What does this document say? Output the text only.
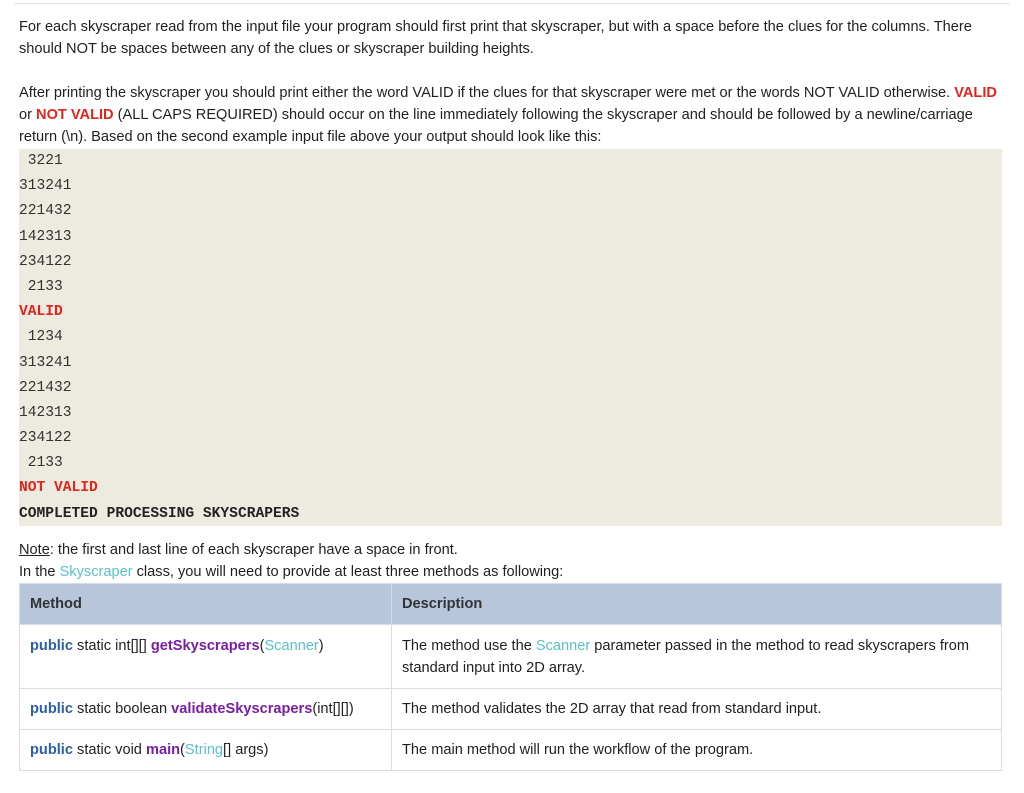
For each skyscraper read from the input file your program should first print that skyscraper, but with a space before the clues for the columns. There should NOT be spaces between any of the clues or skyscraper building heights.

After printing the skyscraper you should print either the word VALID if the clues for that skyscraper were met or the words NOT VALID otherwise. VALID or NOT VALID (ALL CAPS REQUIRED) should occur on the line immediately following the skyscraper and should be followed by a newline/carriage return (\n). Based on the second example input file above your output should look like this:

3221
313241
221432
142313
234122
2133
VALID
1234
313241
221432
142313
234122
2133
NOT VALID
COMPLETED PROCESSING SKYSCRAPERS
Note: the first and last line of each skyscraper have a space in front.
In the Skyscraper class, you will need to provide at least three methods as following:
Method	Description
public static int[][] getSkyscrapers(Scanner)	The method use the Scanner parameter passed in the method to read skyscrapers from standard input into 2D array.
public static boolean validateSkyscrapers(int[][])	The method validates the 2D array that read from standard input.
public static void main(String[] args)	The main method will run the workflow of the program.
